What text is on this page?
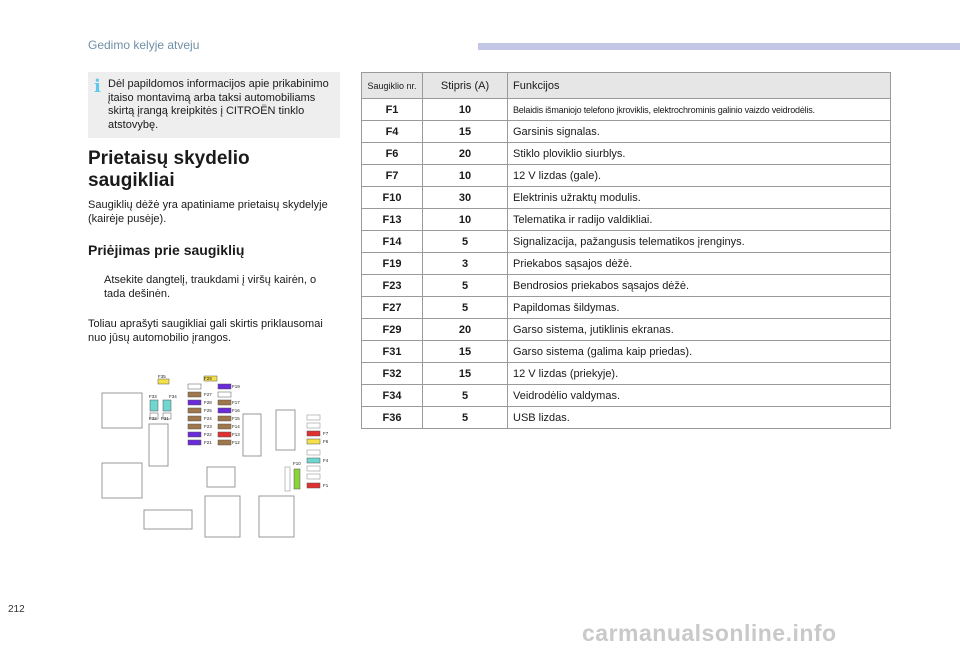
Gedimo kelyje atveju
i Dėl papildomos informacijos apie prikabinimo įtaiso montavimą arba taksi automobiliams skirtą įrangą kreipkitės į CITROËN tinklo atstovybę.
Prietaisų skydelio saugikliai
Saugiklių dėžė yra apatiniame prietaisų skydelyje (kairėje pusėje).
Priėjimas prie saugiklių
Atsekite dangtelį, traukdami į viršų kairėn, o tada dešinėn.
Toliau aprašyti saugikliai gali skirtis priklausomai nuo jūsų automobilio įrangos.
F35	F29
F19
F27
F33	F34
F28	F17
F25	F16
F24	F15
F32 F31
F23	F14
F22	F13
F21	F12
F7
F6
F10
F4
F1
Saugiklio nr.	Stipris (A)	Funkcijos
F1	10	Belaidis išmaniojo telefono įkroviklis, elektrochrominis galinio vaizdo veidrodėlis.
F4	15	Garsinis signalas.
F6	20	Stiklo ploviklio siurblys.
F7	10	12 V lizdas (gale).
F10	30	Elektrinis užraktų modulis.
F13	10	Telematika ir radijo valdikliai.
F14	5	Signalizacija, pažangusis telematikos įrenginys.
F19	3	Priekabos sąsajos dėžė.
F23	5	Bendrosios priekabos sąsajos dėžė.
F27	5	Papildomas šildymas.
F29	20	Garso sistema, jutiklinis ekranas.
F31	15	Garso sistema (galima kaip priedas).
F32	15	12 V lizdas (priekyje).
F34	5	Veidrodėlio valdymas.
F36	5	USB lizdas.
212
carmanualsonline.info
